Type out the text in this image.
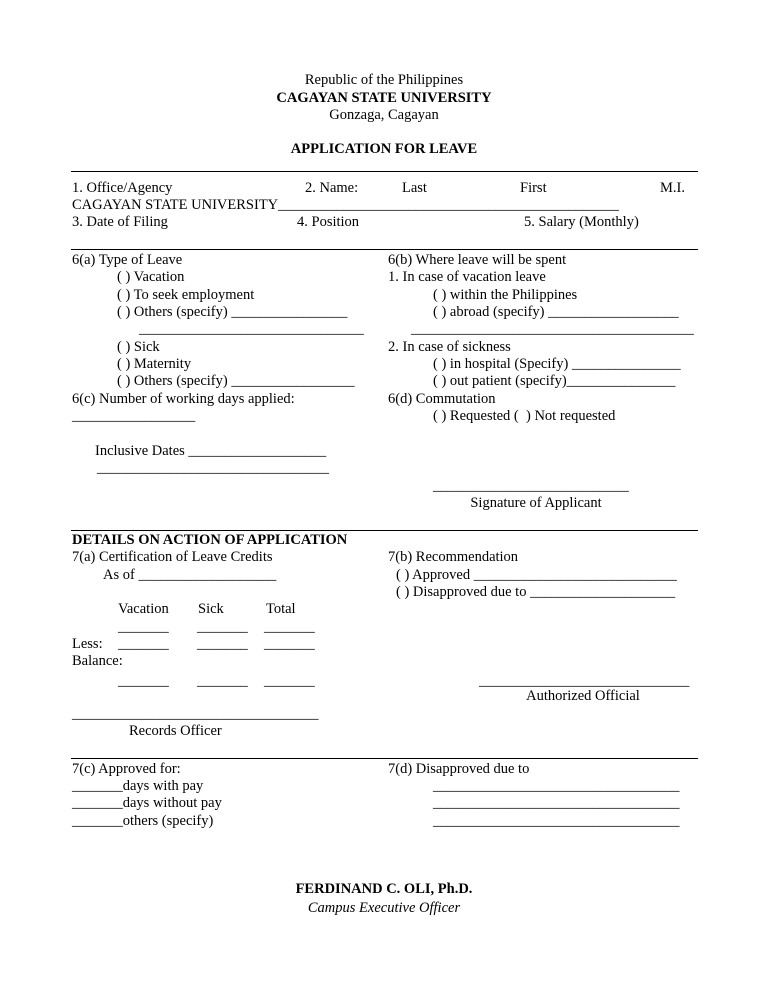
Republic of the Philippines
CAGAYAN STATE UNIVERSITY
Gonzaga, Cagayan
APPLICATION FOR LEAVE
1. Office/Agency	2. Name:	Last	First	M.I.
CAGAYAN STATE UNIVERSITY_______________________________________________
3. Date of Filing	4. Position	5. Salary (Monthly)
6(a) Type of Leave
( ) Vacation
( ) To seek employment
( ) Others (specify) ________________
_______________________________
( ) Sick
( ) Maternity
( ) Others (specify) _________________
6(c) Number of working days applied:
_________________
Inclusive Dates ___________________
________________________________
6(b) Where leave will be spent
1. In case of vacation leave
( ) within the Philippines
( ) abroad (specify) __________________
_______________________________________
2. In case of sickness
( ) in hospital (Specify) _______________
( ) out patient (specify)_______________
6(d) Commutation
( ) Requested (  ) Not requested
___________________________
Signature of Applicant
DETAILS ON ACTION OF APPLICATION
7(a) Certification of Leave Credits
As of ___________________
Vacation Sick	Total
_______ _______ _______
Less: _______ _______ _______
Balance:
_______ _______ _______
__________________________________
Records Officer
7(b) Recommendation
( ) Approved ____________________________
( ) Disapproved due to ____________________
_____________________________
Authorized Official
7(c) Approved for:
_______days with pay
_______days without pay
_______others (specify)
7(d) Disapproved due to
__________________________________
__________________________________
__________________________________
FERDINAND C. OLI, Ph.D.
Campus Executive Officer
